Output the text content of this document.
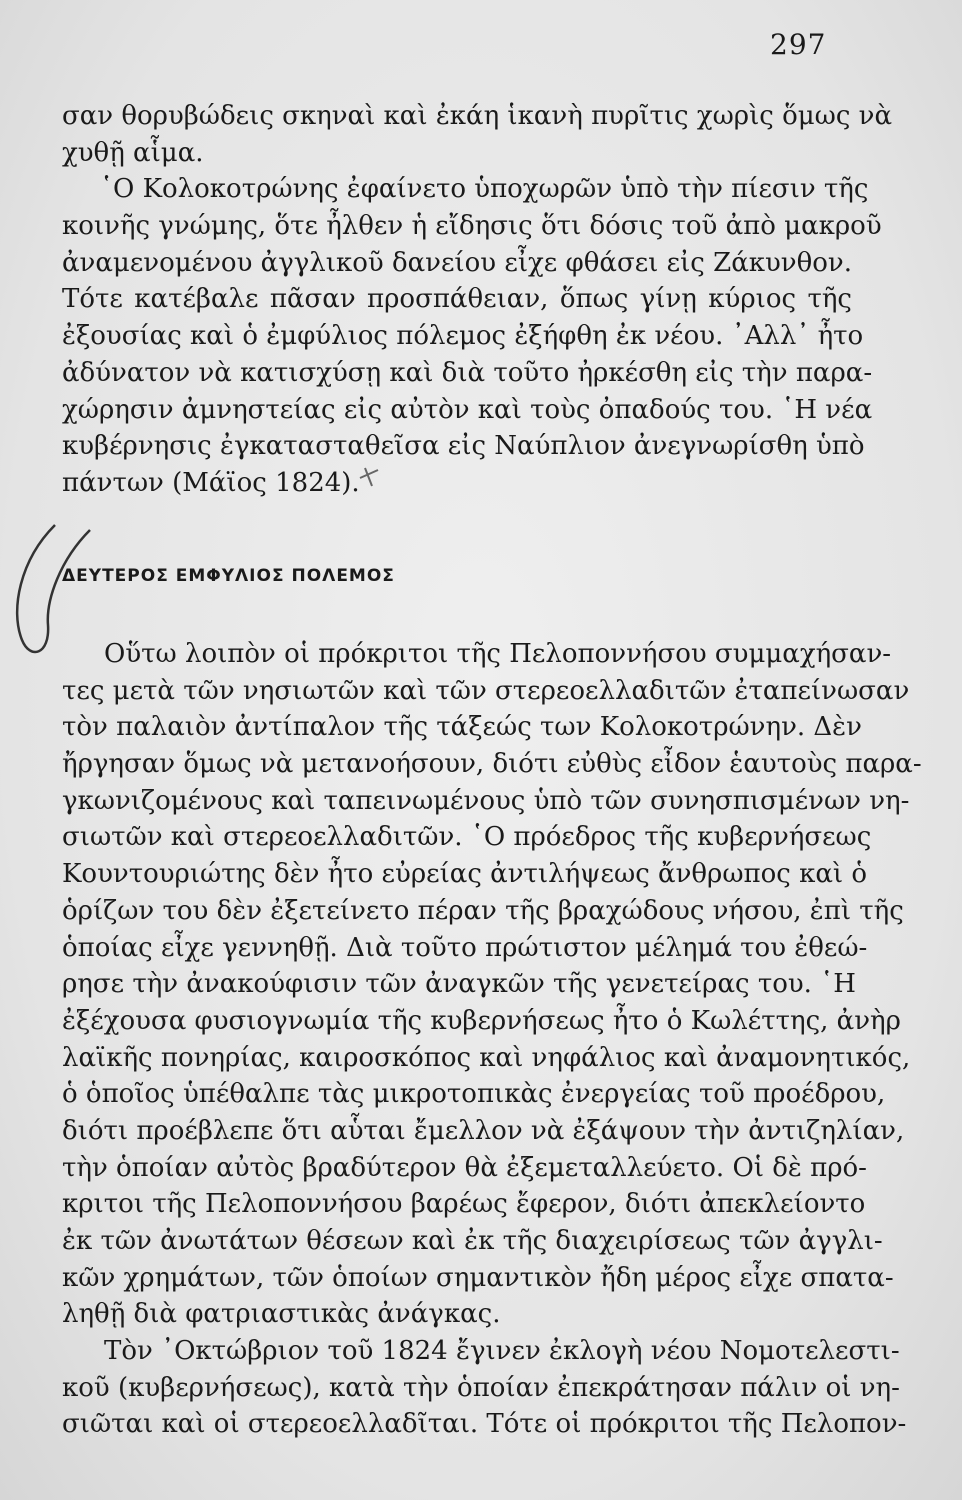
297
σαν θορυβώδεις σκηναὶ καὶ ἐκάη ἱκανὴ πυρῖτις χωρὶς ὅμως νὰ
χυθῇ αἷμα.
῾Ο Κολοκοτρώνης ἐφαίνετο ὑποχωρῶν ὑπὸ τὴν πίεσιν τῆς
κοινῆς γνώμης, ὅτε ἦλθεν ἡ εἴδησις ὅτι δόσις τοῦ ἀπὸ μακροῦ
ἀναμενομένου ἀγγλικοῦ δανείου εἶχε φθάσει εἰς Ζάκυνθον.
Τότε κατέβαλε πᾶσαν προσπάθειαν, ὅπως γίνῃ κύριος τῆς
ἐξουσίας καὶ ὁ ἐμφύλιος πόλεμος ἐξήφθη ἐκ νέου. ᾽Αλλ᾽ ἦτο
ἀδύνατον νὰ κατισχύσῃ καὶ διὰ τοῦτο ἠρκέσθη εἰς τὴν παρα-
χώρησιν ἀμνηστείας εἰς αὐτὸν καὶ τοὺς ὀπαδούς του. ῾Η νέα
κυβέρνησις ἐγκατασταθεῖσα εἰς Ναύπλιον ἀνεγνωρίσθη ὑπὸ
πάντων (Μάϊος 1824).
ΔΕΥΤΕΡΟΣ ΕΜΦΥΛΙΟΣ ΠΟΛΕΜΟΣ
Οὕτω λοιπὸν οἱ πρόκριτοι τῆς Πελοποννήσου συμμαχήσαν-
τες μετὰ τῶν νησιωτῶν καὶ τῶν στερεοελλαδιτῶν ἐταπείνωσαν
τὸν παλαιὸν ἀντίπαλον τῆς τάξεώς των Κολοκοτρώνην. Δὲν
ἤργησαν ὅμως νὰ μετανοήσουν, διότι εὐθὺς εἶδον ἑαυτοὺς παρα-
γκωνιζομένους καὶ ταπεινωμένους ὑπὸ τῶν συνησπισμένων νη-
σιωτῶν καὶ στερεοελλαδιτῶν. ῾Ο πρόεδρος τῆς κυβερνήσεως
Κουντουριώτης δὲν ἦτο εὐρείας ἀντιλήψεως ἄνθρωπος καὶ ὁ
ὁρίζων του δὲν ἐξετείνετο πέραν τῆς βραχώδους νήσου, ἐπὶ τῆς
ὁποίας εἶχε γεννηθῇ. Διὰ τοῦτο πρώτιστον μέλημά του ἐθεώ-
ρησε τὴν ἀνακούφισιν τῶν ἀναγκῶν τῆς γενετείρας του. ῾Η
ἐξέχουσα φυσιογνωμία τῆς κυβερνήσεως ἦτο ὁ Κωλέττης, ἀνὴρ
λαϊκῆς πονηρίας, καιροσκόπος καὶ νηφάλιος καὶ ἀναμονητικός,
ὁ ὁποῖος ὑπέθαλπε τὰς μικροτοπικὰς ἐνεργείας τοῦ προέδρου,
διότι προέβλεπε ὅτι αὗται ἔμελλον νὰ ἐξάψουν τὴν ἀντιζηλίαν,
τὴν ὁποίαν αὐτὸς βραδύτερον θὰ ἐξεμεταλλεύετο. Οἱ δὲ πρό-
κριτοι τῆς Πελοποννήσου βαρέως ἔφερον, διότι ἀπεκλείοντο
ἐκ τῶν ἀνωτάτων θέσεων καὶ ἐκ τῆς διαχειρίσεως τῶν ἀγγλι-
κῶν χρημάτων, τῶν ὁποίων σημαντικὸν ἤδη μέρος εἶχε σπατα-
ληθῇ διὰ φατριαστικὰς ἀνάγκας.
Τὸν ᾽Οκτώβριον τοῦ 1824 ἔγινεν ἐκλογὴ νέου Νομοτελεστι-
κοῦ (κυβερνήσεως), κατὰ τὴν ὁποίαν ἐπεκράτησαν πάλιν οἱ νη-
σιῶται καὶ οἱ στερεοελλαδῖται. Τότε οἱ πρόκριτοι τῆς Πελοπον-
